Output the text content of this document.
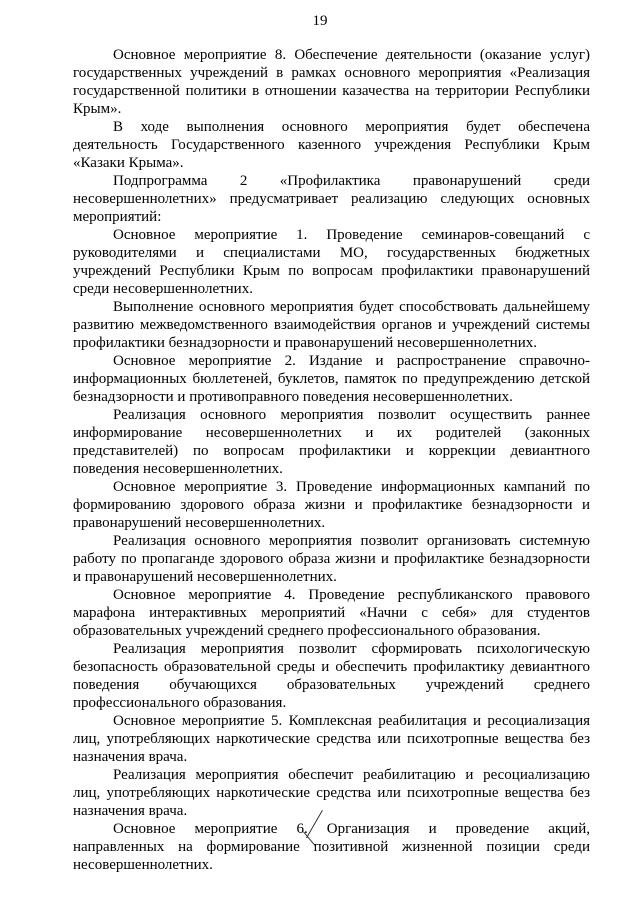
19
Основное мероприятие 8. Обеспечение деятельности (оказание услуг)
государственных учреждений в рамках основного мероприятия «Реализация
государственной политики в отношении казачества на территории Республики
Крым».
В ходе выполнения основного мероприятия будет обеспечена
деятельность Государственного казенного учреждения Республики Крым
«Казаки Крыма».
Подпрограмма 2 «Профилактика правонарушений среди
несовершеннолетних» предусматривает реализацию следующих основных
мероприятий:
Основное мероприятие 1. Проведение семинаров-совещаний с
руководителями и специалистами МО, государственных бюджетных
учреждений Республики Крым по вопросам профилактики правонарушений
среди несовершеннолетних.
Выполнение основного мероприятия будет способствовать дальнейшему
развитию межведомственного взаимодействия органов и учреждений системы
профилактики безнадзорности и правонарушений несовершеннолетних.
Основное мероприятие 2. Издание и распространение справочно-
информационных бюллетеней, буклетов, памяток по предупреждению детской
безнадзорности и противоправного поведения несовершеннолетних.
Реализация основного мероприятия позволит осуществить раннее
информирование несовершеннолетних и их родителей (законных
представителей) по вопросам профилактики и коррекции девиантного
поведения несовершеннолетних.
Основное мероприятие 3. Проведение информационных кампаний по
формированию здорового образа жизни и профилактике безнадзорности и
правонарушений несовершеннолетних.
Реализация основного мероприятия позволит организовать системную
работу по пропаганде здорового образа жизни и профилактике безнадзорности
и правонарушений несовершеннолетних.
Основное мероприятие 4. Проведение республиканского правового
марафона интерактивных мероприятий «Начни с себя» для студентов
образовательных учреждений среднего профессионального образования.
Реализация мероприятия позволит сформировать психологическую
безопасность образовательной среды и обеспечить профилактику девиантного
поведения обучающихся образовательных учреждений среднего
профессионального образования.
Основное мероприятие 5. Комплексная реабилитация и ресоциализация
лиц, употребляющих наркотические средства или психотропные вещества без
назначения врача.
Реализация мероприятия обеспечит реабилитацию и ресоциализацию
лиц, употребляющих наркотические средства или психотропные вещества без
назначения врача.
Основное мероприятие 6. Организация и проведение акций,
направленных на формирование позитивной жизненной позиции среди
несовершеннолетних.
